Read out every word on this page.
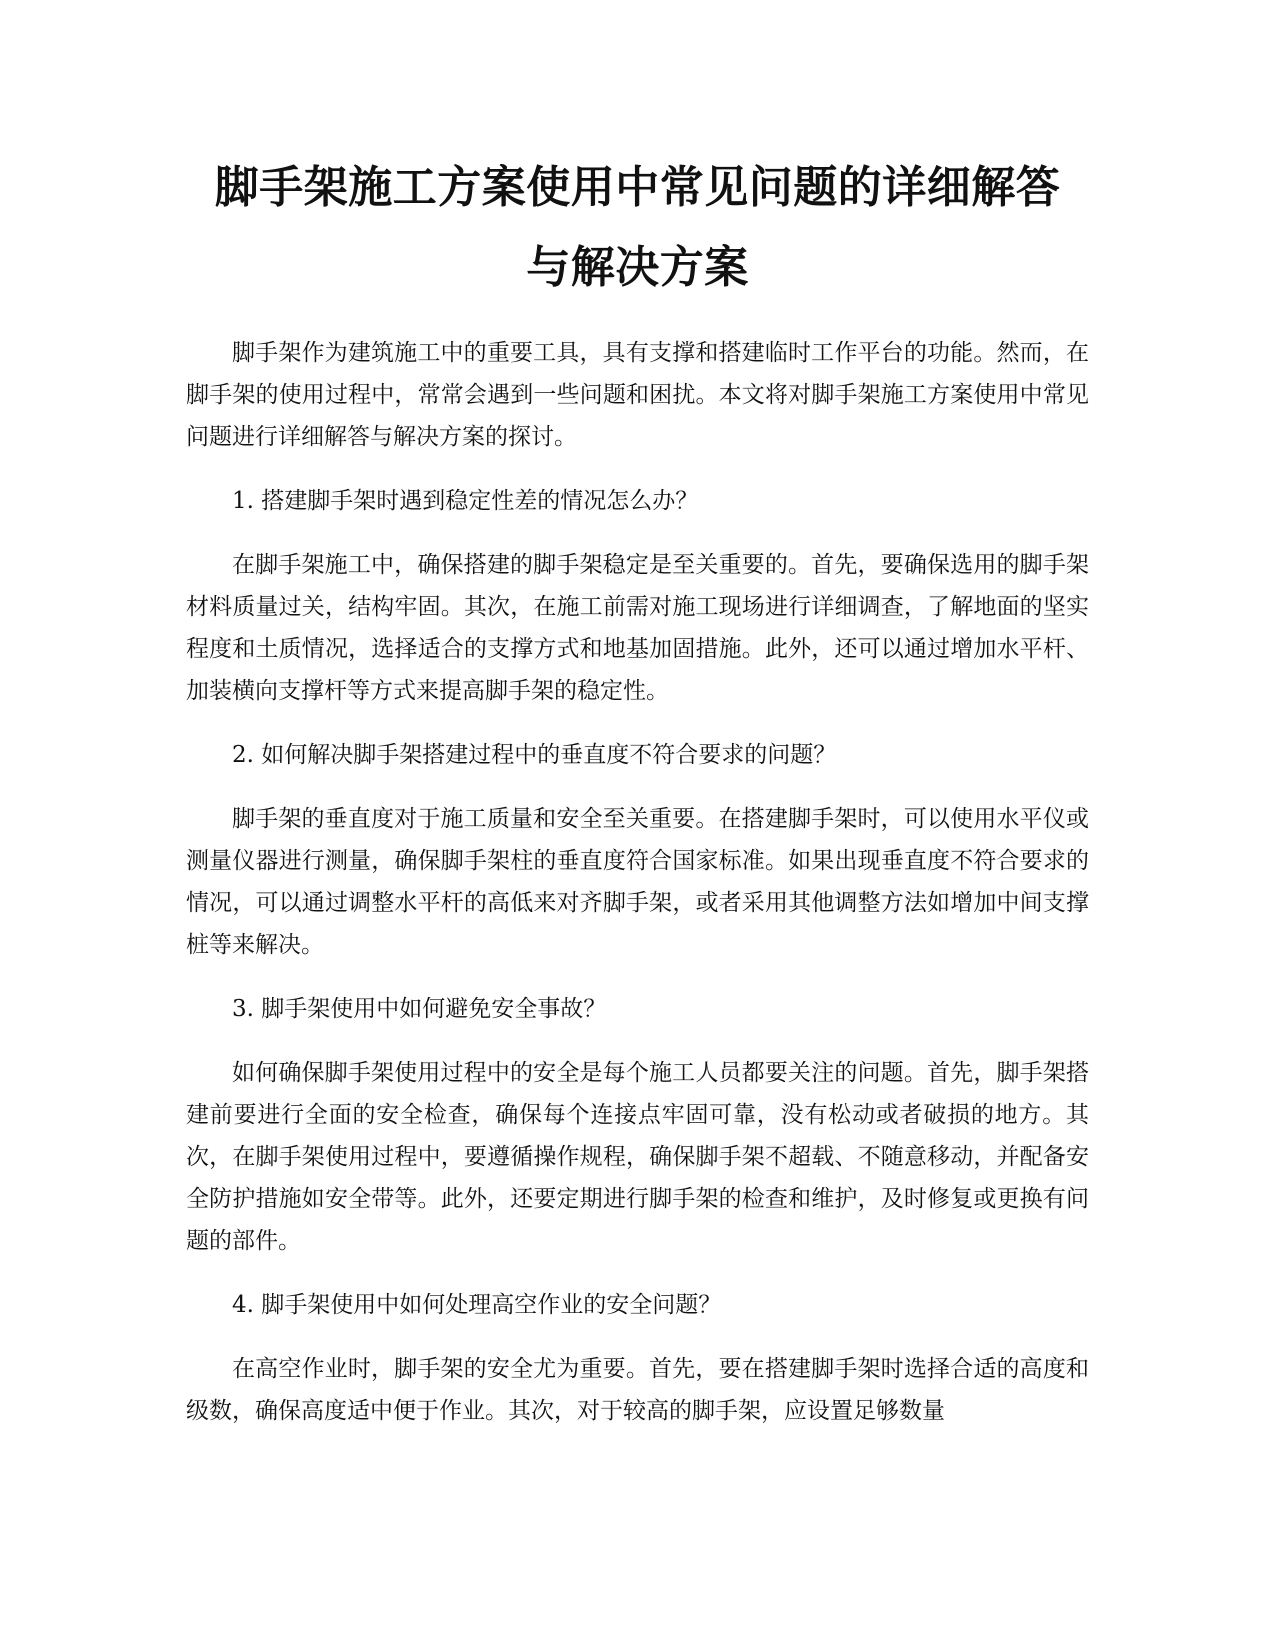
脚手架施工方案使用中常见问题的详细解答
与解决方案

脚手架作为建筑施工中的重要工具，具有支撑和搭建临时工作平台的功能。然而，在脚手架的使用过程中，常常会遇到一些问题和困扰。本文将对脚手架施工方案使用中常见问题进行详细解答与解决方案的探讨。

1. 搭建脚手架时遇到稳定性差的情况怎么办？

在脚手架施工中，确保搭建的脚手架稳定是至关重要的。首先，要确保选用的脚手架材料质量过关，结构牢固。其次，在施工前需对施工现场进行详细调查，了解地面的坚实程度和土质情况，选择适合的支撑方式和地基加固措施。此外，还可以通过增加水平杆、加装横向支撑杆等方式来提高脚手架的稳定性。

2. 如何解决脚手架搭建过程中的垂直度不符合要求的问题？

脚手架的垂直度对于施工质量和安全至关重要。在搭建脚手架时，可以使用水平仪或测量仪器进行测量，确保脚手架柱的垂直度符合国家标准。如果出现垂直度不符合要求的情况，可以通过调整水平杆的高低来对齐脚手架，或者采用其他调整方法如增加中间支撑桩等来解决。

3. 脚手架使用中如何避免安全事故？

如何确保脚手架使用过程中的安全是每个施工人员都要关注的问题。首先，脚手架搭建前要进行全面的安全检查，确保每个连接点牢固可靠，没有松动或者破损的地方。其次，在脚手架使用过程中，要遵循操作规程，确保脚手架不超载、不随意移动，并配备安全防护措施如安全带等。此外，还要定期进行脚手架的检查和维护，及时修复或更换有问题的部件。

4. 脚手架使用中如何处理高空作业的安全问题？

在高空作业时，脚手架的安全尤为重要。首先，要在搭建脚手架时选择合适的高度和级数，确保高度适中便于作业。其次，对于较高的脚手架，应设置足够数量
